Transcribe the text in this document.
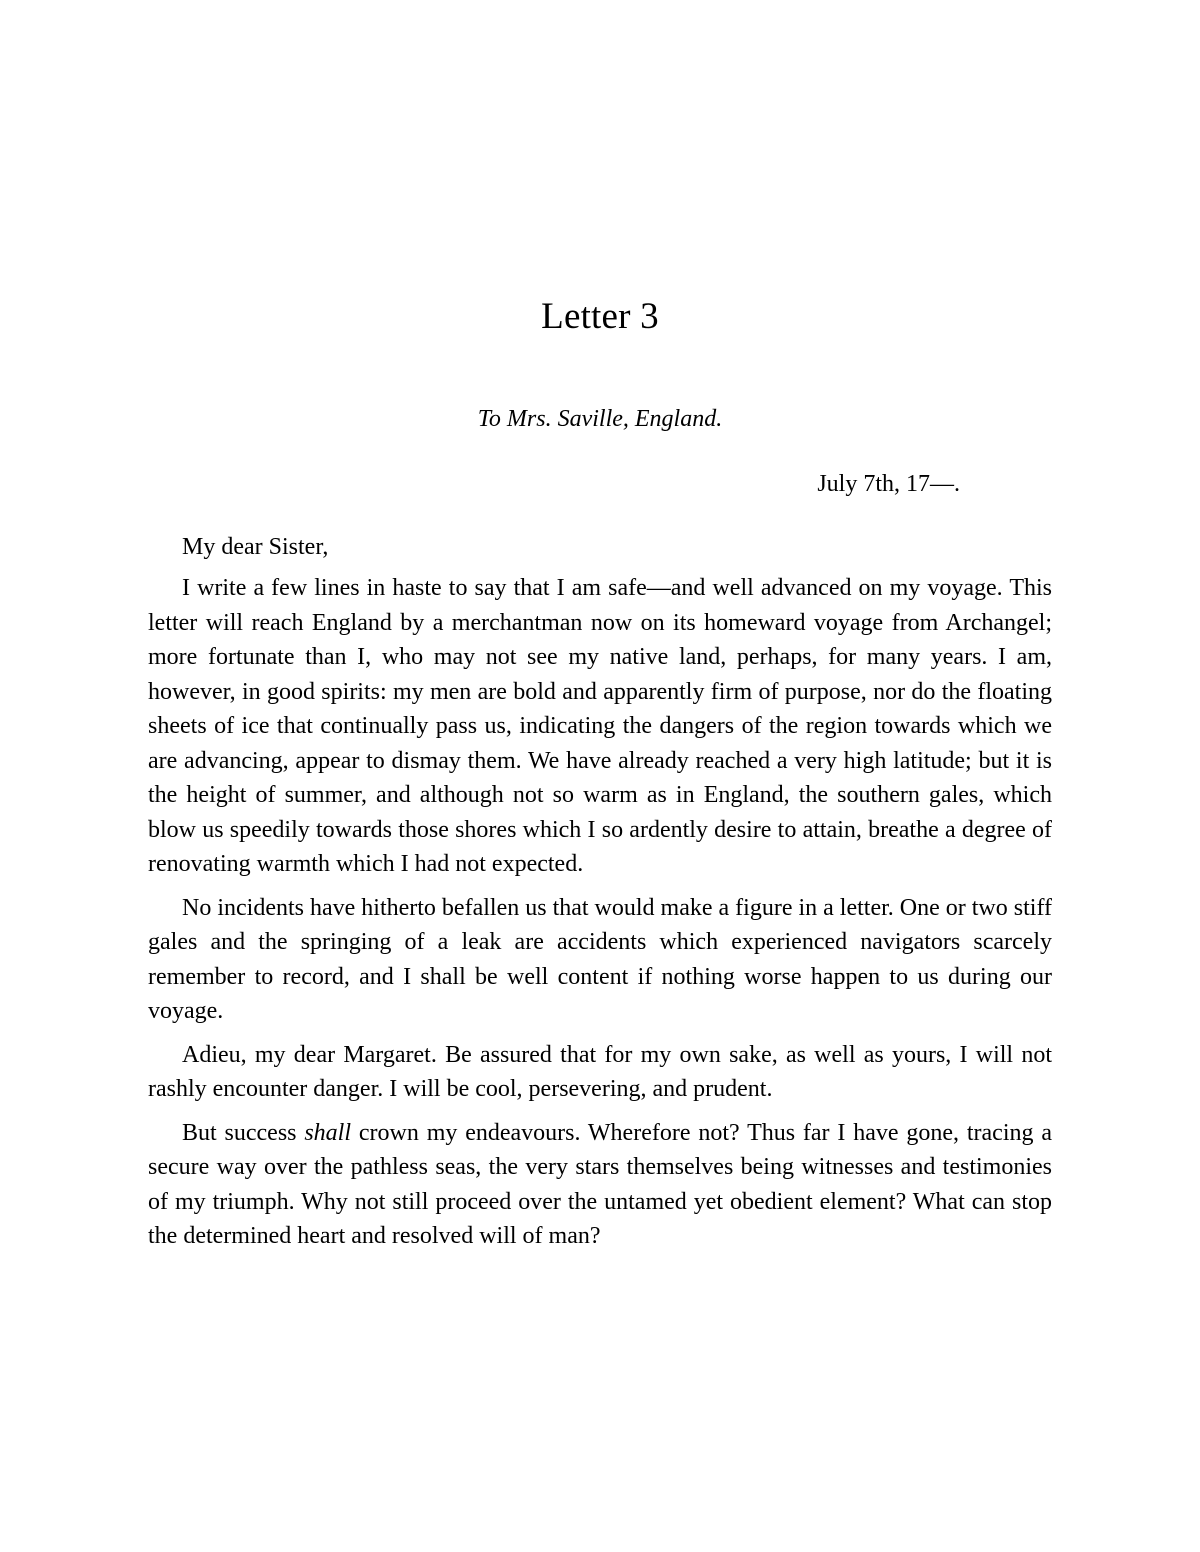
Letter 3
To Mrs. Saville, England.
July 7th, 17—.
My dear Sister,

I write a few lines in haste to say that I am safe—and well advanced on my voyage. This letter will reach England by a merchantman now on its homeward voyage from Archangel; more fortunate than I, who may not see my native land, perhaps, for many years. I am, however, in good spirits: my men are bold and apparently firm of purpose, nor do the floating sheets of ice that continually pass us, indicating the dangers of the region towards which we are advancing, appear to dismay them. We have already reached a very high latitude; but it is the height of summer, and although not so warm as in England, the southern gales, which blow us speedily towards those shores which I so ardently desire to attain, breathe a degree of renovating warmth which I had not expected.

No incidents have hitherto befallen us that would make a figure in a letter. One or two stiff gales and the springing of a leak are accidents which experienced navigators scarcely remember to record, and I shall be well content if nothing worse happen to us during our voyage.

Adieu, my dear Margaret. Be assured that for my own sake, as well as yours, I will not rashly encounter danger. I will be cool, persevering, and prudent.

But success shall crown my endeavours. Wherefore not? Thus far I have gone, tracing a secure way over the pathless seas, the very stars themselves being witnesses and testimonies of my triumph. Why not still proceed over the untamed yet obedient element? What can stop the determined heart and resolved will of man?
